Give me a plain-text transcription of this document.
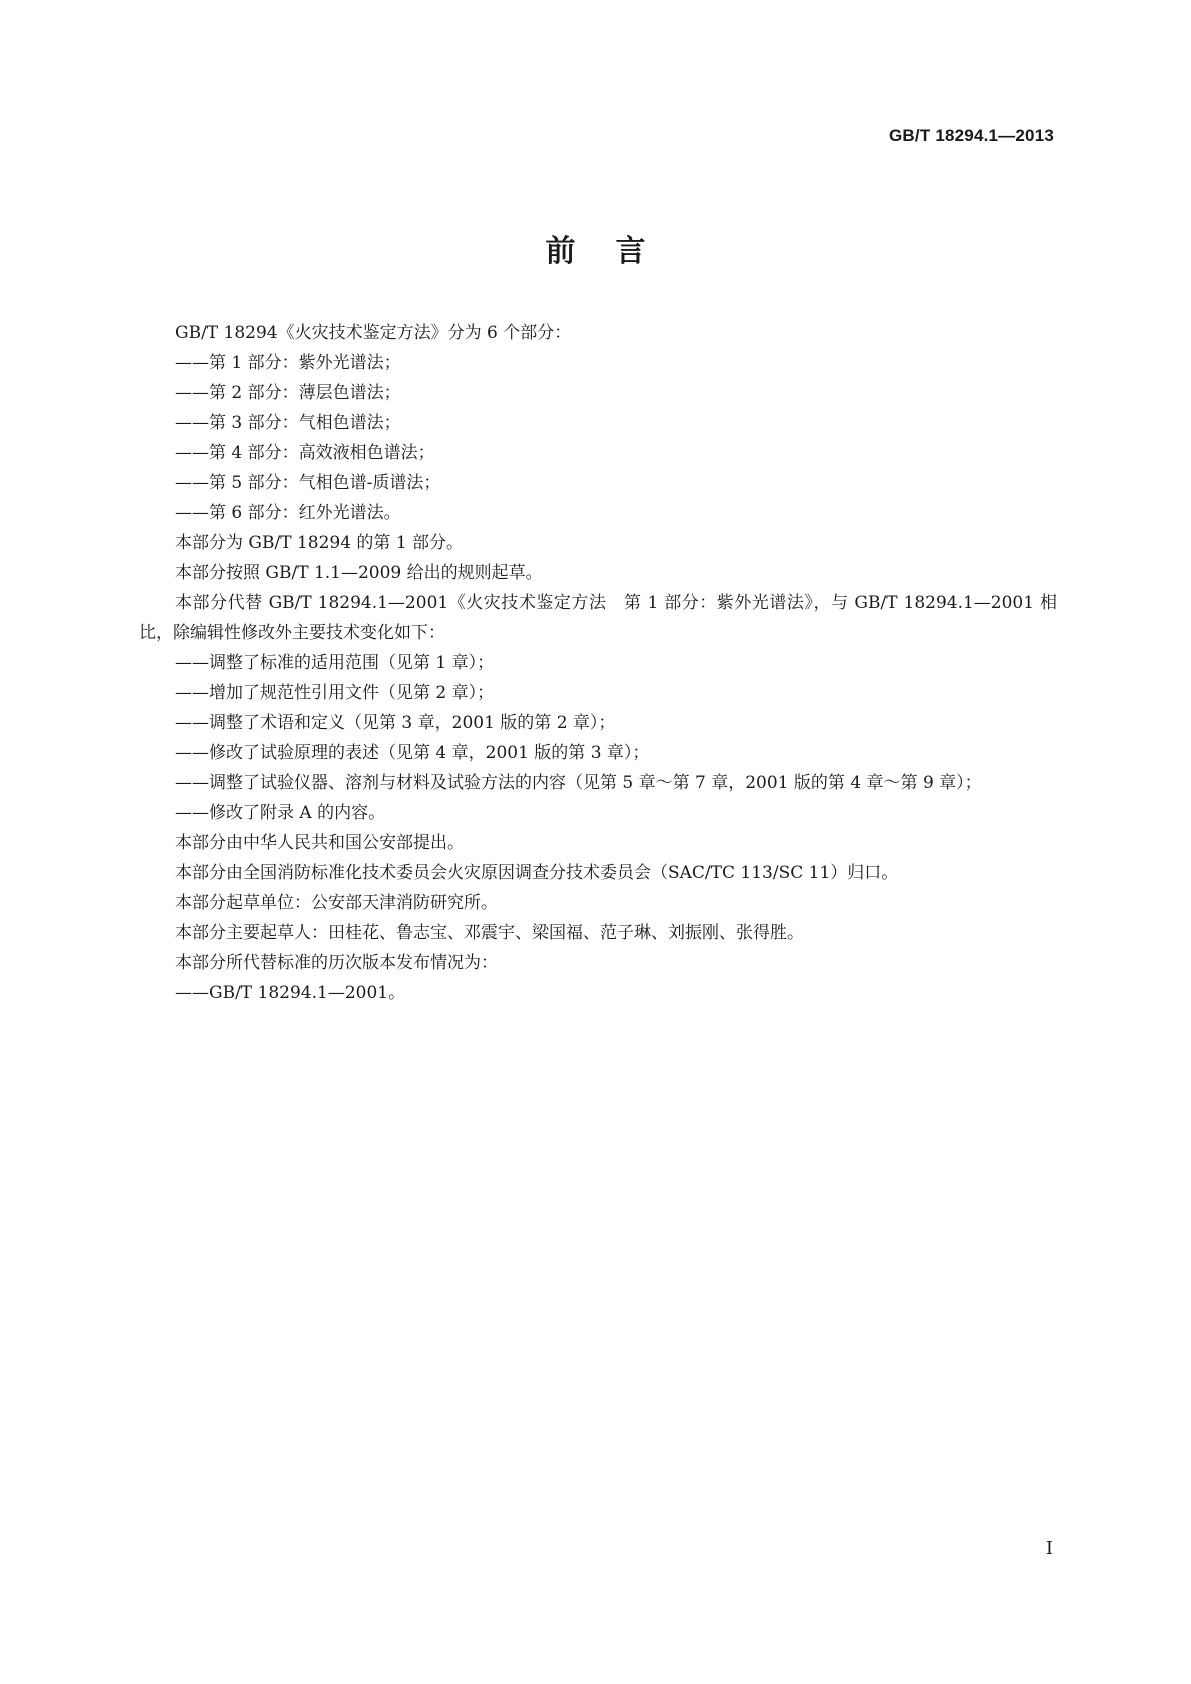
GB/T 18294.1—2013
前言

GB/T 18294《火灾技术鉴定方法》分为 6 个部分：

——第 1 部分：紫外光谱法；

——第 2 部分：薄层色谱法；

——第 3 部分：气相色谱法；

——第 4 部分：高效液相色谱法；

——第 5 部分：气相色谱-质谱法；

——第 6 部分：红外光谱法。

本部分为 GB/T 18294 的第 1 部分。

本部分按照 GB/T 1.1—2009 给出的规则起草。

本部分代替 GB/T 18294.1—2001《火灾技术鉴定方法　第 1 部分：紫外光谱法》，与 GB/T 18294.1—2001 相比，除编辑性修改外主要技术变化如下：

——调整了标准的适用范围（见第 1 章）；

——增加了规范性引用文件（见第 2 章）；

——调整了术语和定义（见第 3 章，2001 版的第 2 章）；

——修改了试验原理的表述（见第 4 章，2001 版的第 3 章）；

——调整了试验仪器、溶剂与材料及试验方法的内容（见第 5 章～第 7 章，2001 版的第 4 章～第 9 章）；

——修改了附录 A 的内容。

本部分由中华人民共和国公安部提出。

本部分由全国消防标准化技术委员会火灾原因调查分技术委员会（SAC/TC 113/SC 11）归口。

本部分起草单位：公安部天津消防研究所。

本部分主要起草人：田桂花、鲁志宝、邓震宇、梁国福、范子琳、刘振刚、张得胜。

本部分所代替标准的历次版本发布情况为：

——GB/T 18294.1—2001。

I
